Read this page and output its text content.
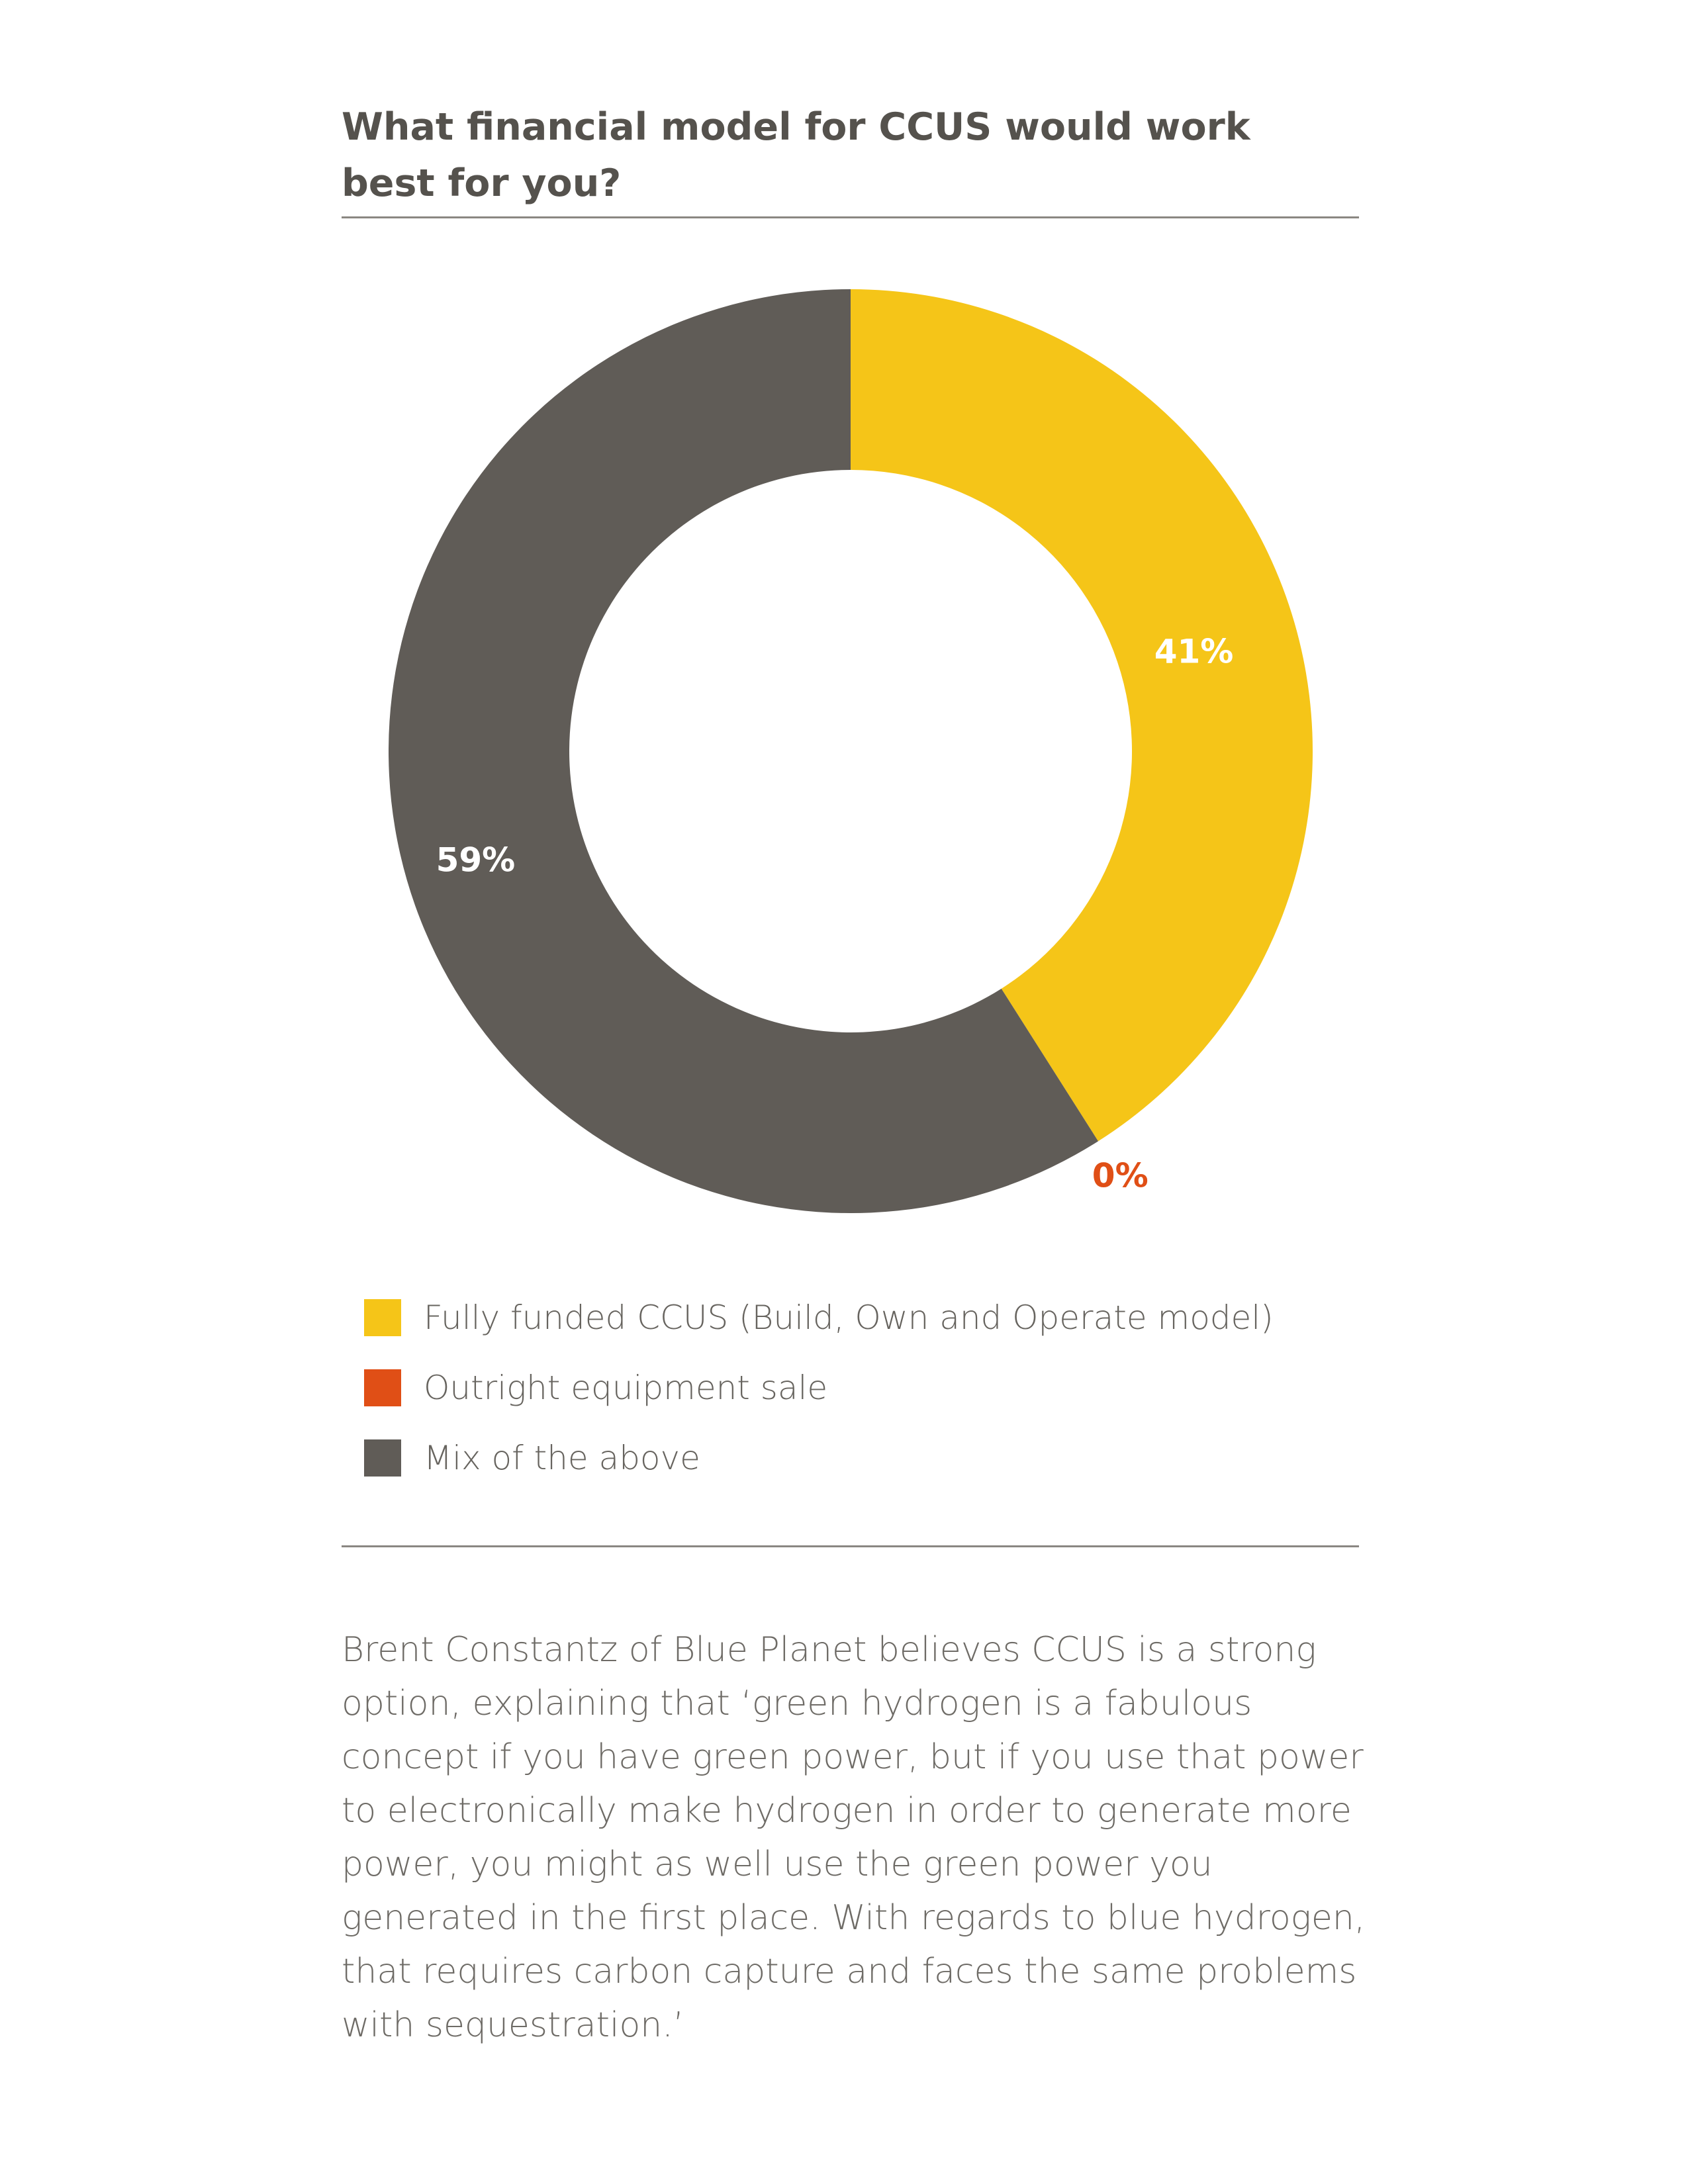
What financial model for CCUS would work best for you?
41%
0%
59%
Fully funded CCUS (Build, Own and Operate model)
Outright equipment sale
Mix of the above

Brent Constantz of Blue Planet believes CCUS is a strong option, explaining that ‘green hydrogen is a fabulous concept if you have green power, but if you use that power to electronically make hydrogen in order to generate more power, you might as well use the green power you generated in the first place. With regards to blue hydrogen, that requires carbon capture and faces the same problems with sequestration.’
